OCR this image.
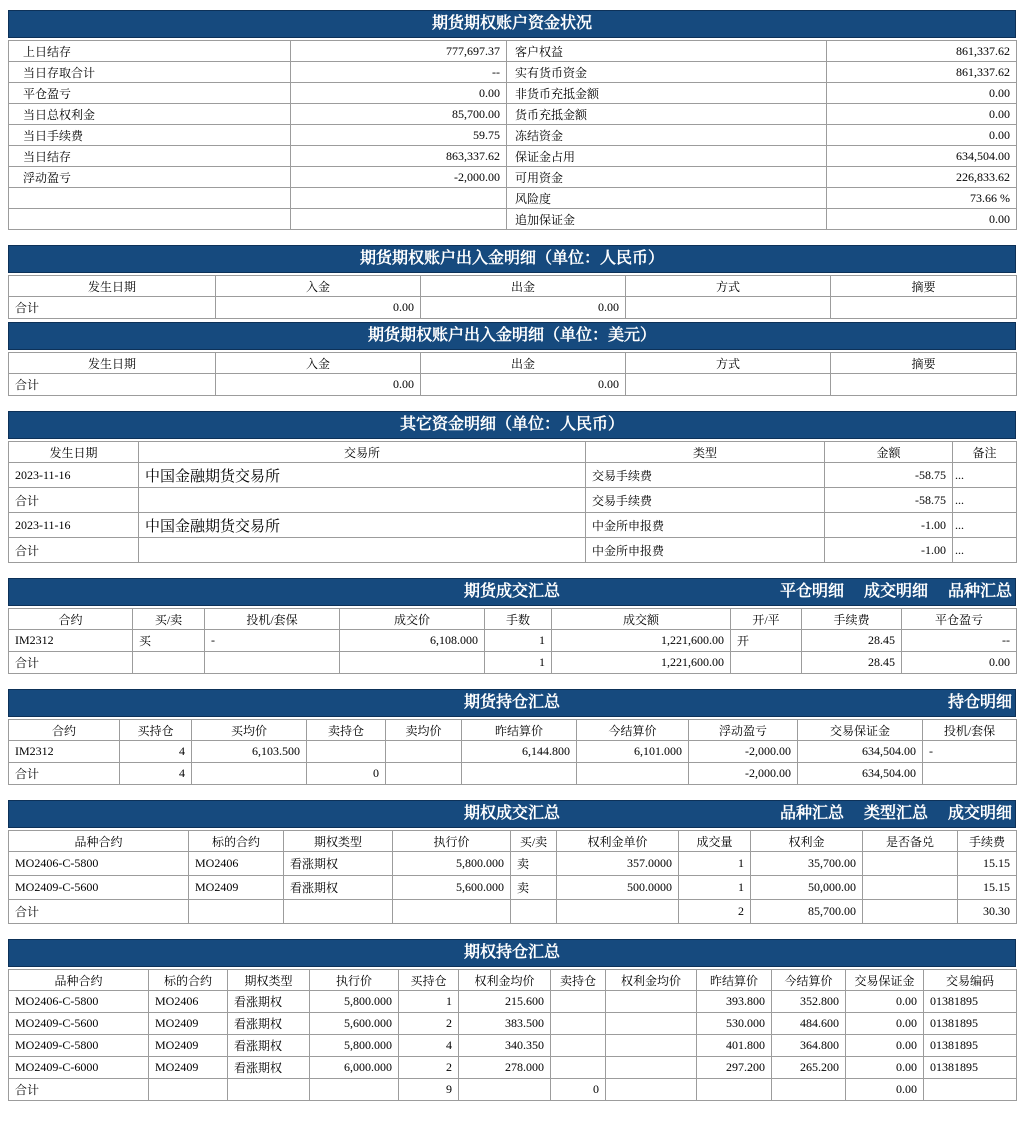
期货期权账户资金状况
上日结存	777,697.37	客户权益	861,337.62
当日存取合计	--	实有货币资金	861,337.62
平仓盈亏	0.00	非货币充抵金额	0.00
当日总权利金	85,700.00	货币充抵金额	0.00
当日手续费	59.75	冻结资金	0.00
当日结存	863,337.62	保证金占用	634,504.00
浮动盈亏	-2,000.00	可用资金	226,833.62
		风险度	73.66 %
		追加保证金	0.00
期货期权账户出入金明细（单位：人民币）
发生日期	入金	出金	方式	摘要
合计	0.00	0.00		
期货期权账户出入金明细（单位：美元）
发生日期	入金	出金	方式	摘要
合计	0.00	0.00		
其它资金明细（单位：人民币）
发生日期	交易所	类型	金额	备注
2023-11-16	中国金融期货交易所	交易手续费	-58.75	...
合计		交易手续费	-58.75	...
2023-11-16	中国金融期货交易所	中金所申报费	-1.00	...
合计		中金所申报费	-1.00	...
期货成交汇总	平仓明细 成交明细 品种汇总
合约	买/卖	投机/套保	成交价	手数	成交额	开/平	手续费	平仓盈亏
IM2312	买	-	6,108.000	1	1,221,600.00	开	28.45	--
合计				1	1,221,600.00		28.45	0.00
期货持仓汇总	持仓明细
合约	买持仓	买均价	卖持仓	卖均价	昨结算价	今结算价	浮动盈亏	交易保证金	投机/套保
IM2312	4	6,103.500			6,144.800	6,101.000	-2,000.00	634,504.00	-
合计	4		0				-2,000.00	634,504.00	
期权成交汇总	品种汇总 类型汇总 成交明细
品种合约	标的合约	期权类型	执行价	买/卖	权利金单价	成交量	权利金	是否备兑	手续费
MO2406-C-5800	MO2406	看涨期权	5,800.000	卖	357.0000	1	35,700.00		15.15
MO2409-C-5600	MO2409	看涨期权	5,600.000	卖	500.0000	1	50,000.00		15.15
合计						2	85,700.00		30.30
期权持仓汇总
品种合约	标的合约	期权类型	执行价	买持仓	权利金均价	卖持仓	权利金均价	昨结算价	今结算价	交易保证金	交易编码
MO2406-C-5800	MO2406	看涨期权	5,800.000	1	215.600			393.800	352.800	0.00	01381895
MO2409-C-5600	MO2409	看涨期权	5,600.000	2	383.500			530.000	484.600	0.00	01381895
MO2409-C-5800	MO2409	看涨期权	5,800.000	4	340.350			401.800	364.800	0.00	01381895
MO2409-C-6000	MO2409	看涨期权	6,000.000	2	278.000			297.200	265.200	0.00	01381895
合计				9		0				0.00	
